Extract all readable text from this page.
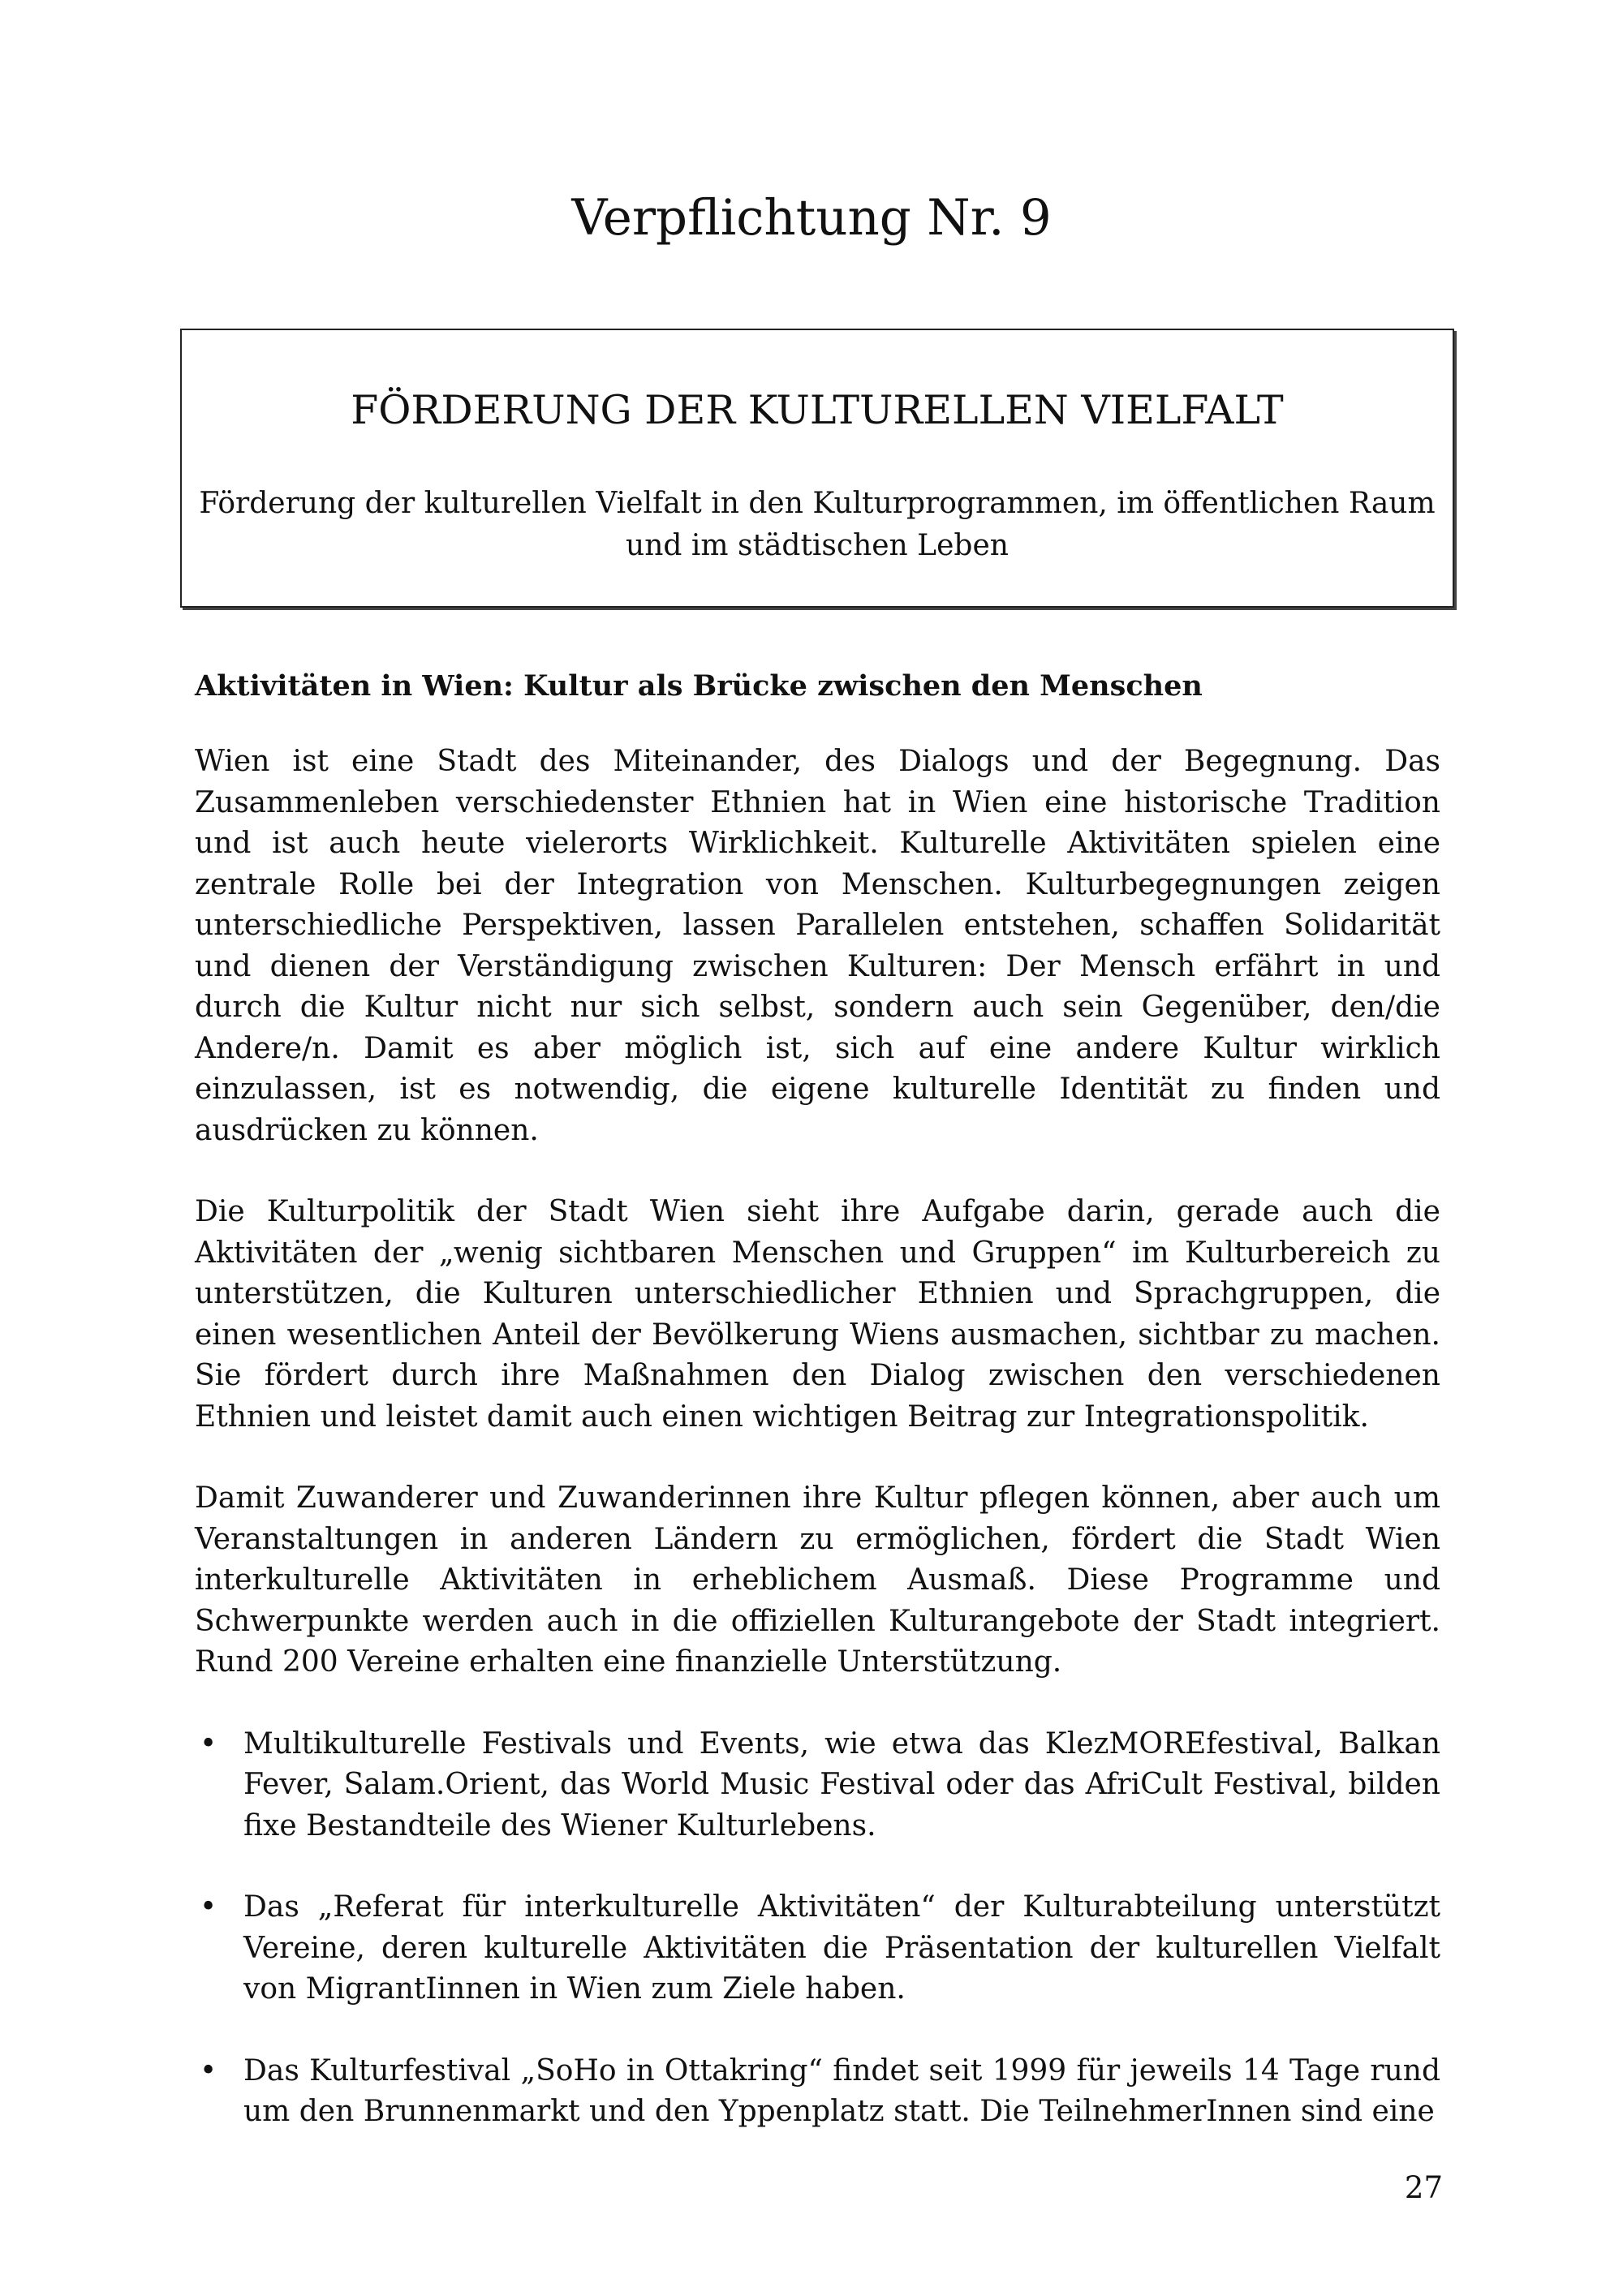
Verpflichtung Nr. 9
FÖRDERUNG DER KULTURELLEN VIELFALT

Förderung der kulturellen Vielfalt in den Kulturprogrammen, im öffentlichen Raum und im städtischen Leben

Aktivitäten in Wien: Kultur als Brücke zwischen den Menschen

Wien ist eine Stadt des Miteinander, des Dialogs und der Begegnung. Das Zusammenleben verschiedenster Ethnien hat in Wien eine historische Tradition und ist auch heute vielerorts Wirklichkeit. Kulturelle Aktivitäten spielen eine zentrale Rolle bei der Integration von Menschen. Kulturbegegnungen zeigen unterschiedliche Perspektiven, lassen Parallelen entstehen, schaffen Solidarität und dienen der Verständigung zwischen Kulturen: Der Mensch erfährt in und durch die Kultur nicht nur sich selbst, sondern auch sein Gegenüber, den/die Andere/n. Damit es aber möglich ist, sich auf eine andere Kultur wirklich einzulassen, ist es notwendig, die eigene kulturelle Identität zu finden und ausdrücken zu können.

Die Kulturpolitik der Stadt Wien sieht ihre Aufgabe darin, gerade auch die Aktivitäten der „wenig sichtbaren Menschen und Gruppen“ im Kulturbereich zu unterstützen, die Kulturen unterschiedlicher Ethnien und Sprachgruppen, die einen wesentlichen Anteil der Bevölkerung Wiens ausmachen, sichtbar zu machen. Sie fördert durch ihre Maßnahmen den Dialog zwischen den verschiedenen Ethnien und leistet damit auch einen wichtigen Beitrag zur Integrationspolitik.

Damit Zuwanderer und Zuwanderinnen ihre Kultur pflegen können, aber auch um Veranstaltungen in anderen Ländern zu ermöglichen, fördert die Stadt Wien interkulturelle Aktivitäten in erheblichem Ausmaß. Diese Programme und Schwerpunkte werden auch in die offiziellen Kulturangebote der Stadt integriert. Rund 200 Vereine erhalten eine finanzielle Unterstützung.

• Multikulturelle Festivals und Events, wie etwa das KlezMOREfestival, Balkan Fever, Salam.Orient, das World Music Festival oder das AfriCult Festival, bilden fixe Bestandteile des Wiener Kulturlebens.
• Das „Referat für interkulturelle Aktivitäten“ der Kulturabteilung unterstützt Vereine, deren kulturelle Aktivitäten die Präsentation der kulturellen Vielfalt von MigrantIinnen in Wien zum Ziele haben.
• Das Kulturfestival „SoHo in Ottakring“ findet seit 1999 für jeweils 14 Tage rund um den Brunnenmarkt und den Yppenplatz statt. Die TeilnehmerInnen sind eine
27
